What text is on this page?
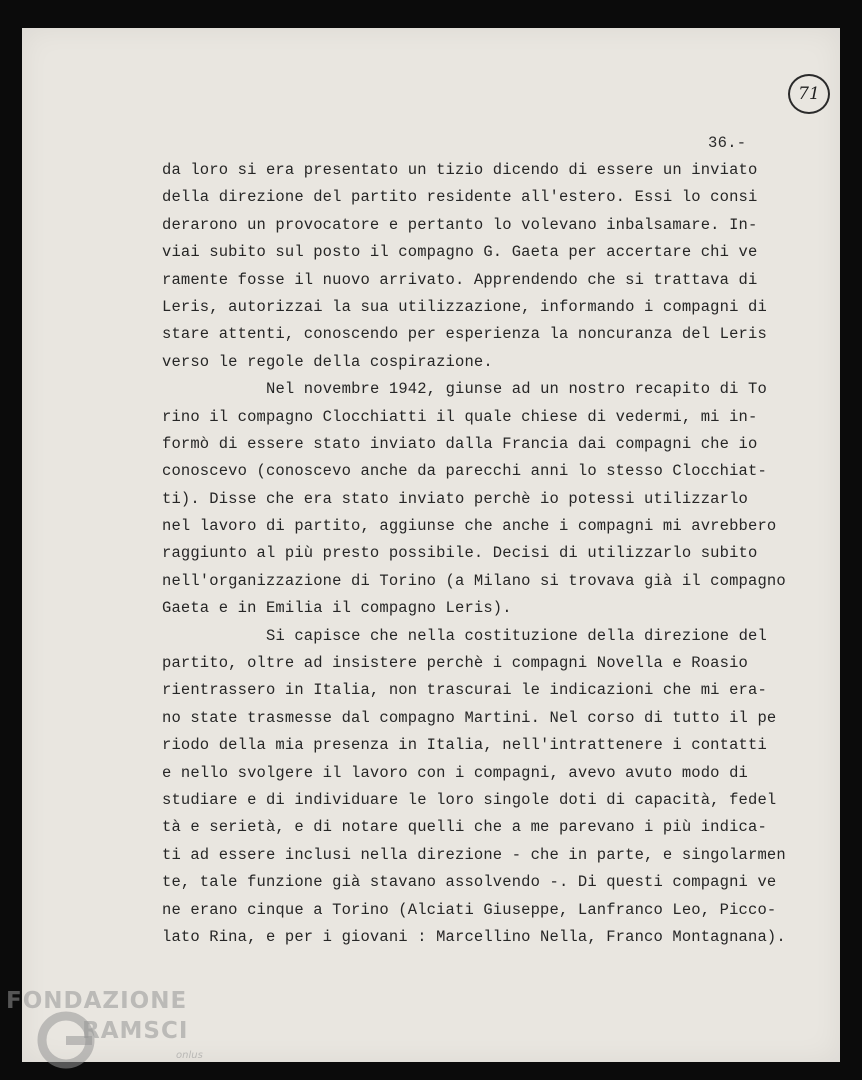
71
36.-
da loro si era presentato un tizio dicendo di essere un inviato
della direzione del partito residente all'estero. Essi lo consi
derarono un provocatore e pertanto lo volevano inbalsamare. In-
viai subito sul posto il compagno G. Gaeta per accertare chi ve
ramente fosse il nuovo arrivato. Apprendendo che si trattava di
Leris, autorizzai la sua utilizzazione, informando i compagni di
stare attenti, conoscendo per esperienza la noncuranza del Leris
verso le regole della cospirazione.
Nel novembre 1942, giunse ad un nostro recapito di To
rino il compagno Clocchiatti il quale chiese di vedermi, mi in-
formò di essere stato inviato dalla Francia dai compagni che io
conoscevo (conoscevo anche da parecchi anni lo stesso Clocchiat-
ti). Disse che era stato inviato perchè io potessi utilizzarlo
nel lavoro di partito, aggiunse che anche i compagni mi avrebbero
raggiunto al più presto possibile. Decisi di utilizzarlo subito
nell'organizzazione di Torino (a Milano si trovava già il compagno
Gaeta e in Emilia il compagno Leris).
Si capisce che nella costituzione della direzione del
partito, oltre ad insistere perchè i compagni Novella e Roasio
rientrassero in Italia, non trascurai le indicazioni che mi era-
no state trasmesse dal compagno Martini. Nel corso di tutto il pe
riodo della mia presenza in Italia, nell'intrattenere i contatti
e nello svolgere il lavoro con i compagni, avevo avuto modo di
studiare e di individuare le loro singole doti di capacità, fedel
tà e serietà, e di notare quelli che a me parevano i più indica-
ti ad essere inclusi nella direzione - che in parte, e singolarmen
te, tale funzione già stavano assolvendo -. Di questi compagni ve
ne erano cinque a Torino (Alciati Giuseppe, Lanfranco Leo, Picco-
lato Rina, e per i giovani : Marcellino Nella, Franco Montagnana).
FONDAZIONE
RAMSCI
onlus
